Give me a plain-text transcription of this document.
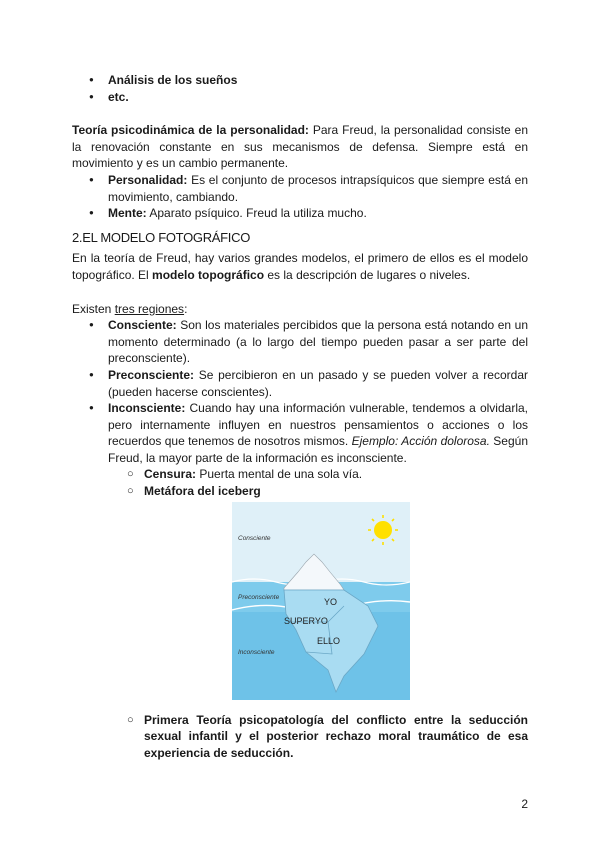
● Análisis de los sueños
● etc.

Teoría psicodinámica de la personalidad: Para Freud, la personalidad consiste en la renovación constante en sus mecanismos de defensa. Siempre está en movimiento y es un cambio permanente.

● Personalidad: Es el conjunto de procesos intrapsíquicos que siempre está en movimiento, cambiando.
● Mente: Aparato psíquico. Freud la utiliza mucho.
2.EL MODELO FOTOGRÁFICO

En la teoría de Freud, hay varios grandes modelos, el primero de ellos es el modelo topográfico. El modelo topográfico es la descripción de lugares o niveles.

Existen tres regiones:

● Consciente: Son los materiales percibidos que la persona está notando en un momento determinado (a lo largo del tiempo pueden pasar a ser parte del preconsciente).
● Preconsciente: Se percibieron en un pasado y se pueden volver a recordar (pueden hacerse conscientes).
● Inconsciente: Cuando hay una información vulnerable, tendemos a olvidarla, pero internamente influyen en nuestros pensamientos o acciones o los recuerdos que tenemos de nosotros mismos. Ejemplo: Acción dolorosa. Según Freud, la mayor parte de la información es inconsciente.
○ Censura: Puerta mental de una sola vía.
○ Metáfora del iceberg
Consciente
Preconsciente
Inconsciente
YO
SUPERYO
ELLO
○ Primera Teoría psicopatología del conflicto entre la seducción sexual infantil y el posterior rechazo moral traumático de esa experiencia de seducción.
2
